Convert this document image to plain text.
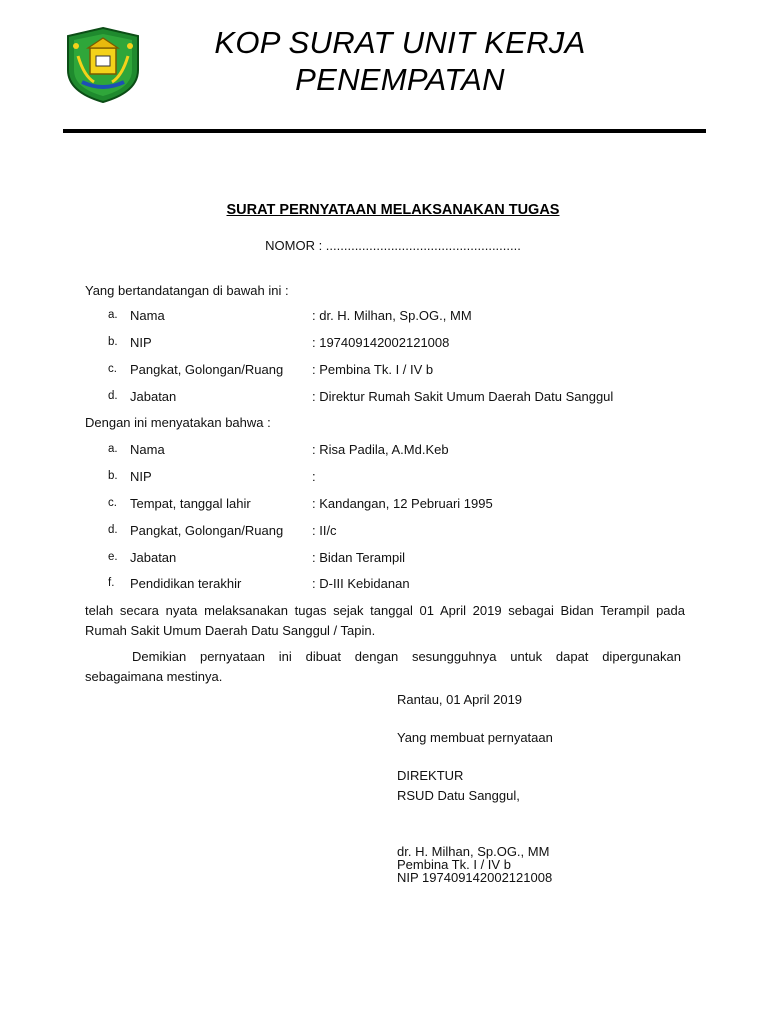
KOP SURAT UNIT KERJA
PENEMPATAN
SURAT PERNYATAAN MELAKSANAKAN TUGAS
NOMOR : ......................................................
Yang bertandatangan di bawah ini :
a. Nama	: dr. H. Milhan, Sp.OG., MM
b. NIP	: 197409142002121008
c.	Pangkat, Golongan/Ruang : Pembina Tk. I / IV b
d. Jabatan	: Direktur Rumah Sakit Umum Daerah Datu Sanggul
Dengan ini menyatakan bahwa :
a. Nama	: Risa Padila, A.Md.Keb
b. NIP	:
c.	Tempat, tanggal lahir	: Kandangan, 12 Pebruari 1995
d. Pangkat, Golongan/Ruang : II/c
e. Jabatan	: Bidan Terampil
f.	Pendidikan terakhir	: D-III Kebidanan
telah secara nyata melaksanakan tugas sejak tanggal 01 April 2019 sebagai Bidan Terampil pada
Rumah Sakit Umum Daerah Datu Sanggul / Tapin.
Demikian pernyataan ini dibuat dengan sesungguhnya untuk dapat dipergunakan
sebagaimana mestinya.
Rantau, 01 April 2019
Yang membuat pernyataan
DIREKTUR
RSUD Datu Sanggul,
dr. H. Milhan, Sp.OG., MM
Pembina Tk. I / IV b
NIP 197409142002121008
